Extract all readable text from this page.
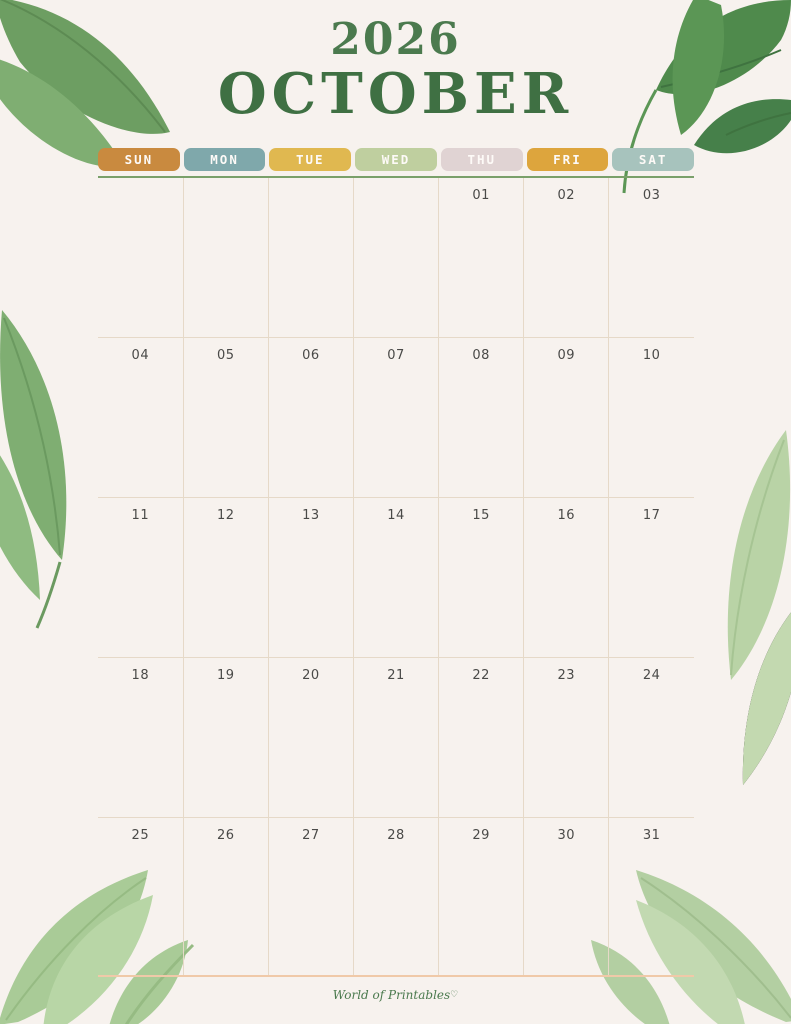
2026
OCTOBER
SUN	MON	TUE	WED	THU	FRI	SAT

				01	02	03

04	05	06	07	08	09	10

11	12	13	14	15	16	17

18	19	20	21	22	23	24

25	26	27	28	29	30	31
World of Printables♡
